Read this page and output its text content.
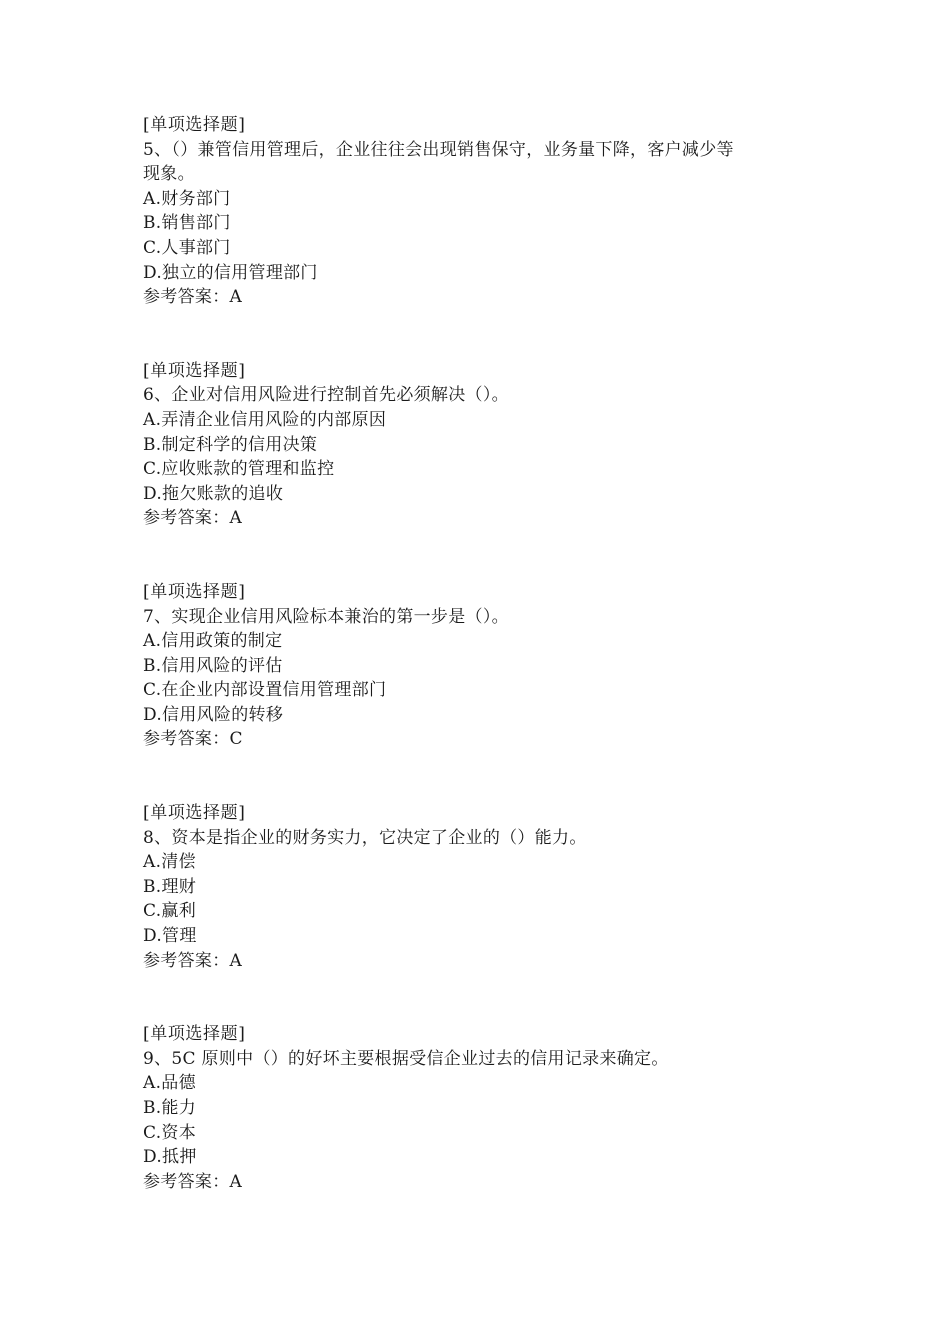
[单项选择题]
5、（）兼管信用管理后，企业往往会出现销售保守，业务量下降，客户减少等
现象。
A.财务部门
B.销售部门
C.人事部门
D.独立的信用管理部门
参考答案：A
[单项选择题]
6、企业对信用风险进行控制首先必须解决（）。
A.弄清企业信用风险的内部原因
B.制定科学的信用决策
C.应收账款的管理和监控
D.拖欠账款的追收
参考答案：A
[单项选择题]
7、实现企业信用风险标本兼治的第一步是（）。
A.信用政策的制定
B.信用风险的评估
C.在企业内部设置信用管理部门
D.信用风险的转移
参考答案：C
[单项选择题]
8、资本是指企业的财务实力，它决定了企业的（）能力。
A.清偿
B.理财
C.赢利
D.管理
参考答案：A
[单项选择题]
9、5C 原则中（）的好坏主要根据受信企业过去的信用记录来确定。
A.品德
B.能力
C.资本
D.抵押
参考答案：A
